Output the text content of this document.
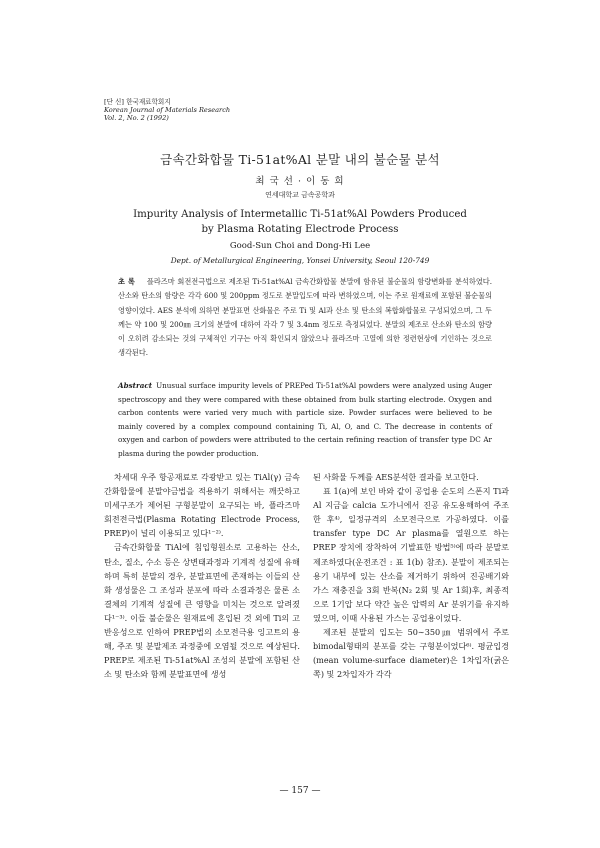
[단 신] 한국재료학회지
Korean Journal of Materials Research
Vol. 2, No. 2 (1992)
금속간화합물 Ti-51at%Al 분말 내의 불순물 분석
최 국 선 · 이 동 희
연세대학교 금속공학과
Impurity Analysis of Intermetallic Ti-51at%Al Powders Produced
by Plasma Rotating Electrode Process
Good-Sun Choi and Dong-Hi Lee
Dept. of Metallurgical Engineering, Yonsei University, Seoul 120-749
초 록 플라즈마 회전전극법으로 제조된 Ti-51at%Al 금속간화합물 분말에 함유된 불순물의 함량변화를 분석하였다. 산소와 탄소의 함량은 각각 600 및 200ppm 정도로 분말입도에 따라 변하였으며, 이는 주로 원재료에 포함된 불순물의 영향이었다. AES 분석에 의하면 분말표면 산화물은 주로 Ti 및 Al과 산소 및 탄소의 복합화합물로 구성되었으며, 그 두께는 약 100 및 200㎚ 크기의 분말에 대하여 각각 7 및 3.4nm 정도로 측정되었다. 분말의 제조로 산소와 탄소의 함량이 오히려 감소되는 것의 구체적인 기구는 아직 확인되지 않았으나 플라즈마 고열에 의한 정련현상에 기인하는 것으로 생각된다.
Abstract Unusual surface impurity levels of PREPed Ti-51at%Al powders were analyzed using Auger spectroscopy and they were compared with these obtained from bulk starting electrode. Oxygen and carbon contents were varied very much with particle size. Powder surfaces were believed to be mainly covered by a complex compound containing Ti, Al, O, and C. The decrease in contents of oxygen and carbon of powders were attributed to the certain refining reaction of transfer type DC Ar plasma during the powder production.

차세대 우주 항공재료로 각광받고 있는 TiAl(γ) 금속간화합물에 분말야금법을 적용하기 위해서는 깨끗하고 미세구조가 제어된 구형분말이 요구되는 바, 플라즈마 회전전극법(Plasma Rotating Electrode Process, PREP)이 널리 이용되고 있다¹⁻²⁾.

금속간화합물 TiAl에 침입형원소로 고용하는 산소, 탄소, 질소, 수소 등은 상변태과정과 기계적 성질에 유해하며 특히 분말의 경우, 분말표면에 존재하는 이들의 산화 생성물은 그 조성과 분포에 따라 소결과정은 물론 소결체의 기계적 성질에 큰 영향을 미치는 것으로 알려졌다¹⁻³⁾. 이들 불순물은 원재료에 혼입된 것 외에 Ti의 고반응성으로 인하여 PREP법의 소모전극용 잉고트의 용해, 주조 및 분말제조 과정중에 오염될 것으로 예상된다. PREP로 제조된 Ti-51at%Al 조성의 분말에 포함된 산소 및 탄소와 함께 분말표면에 생성

된 사화물 두께를 AES분석한 결과를 보고한다.

표 1(a)에 보인 바와 같이 공업용 순도의 스폰지 Ti과 Al 지금을 calcia 도가니에서 진공 유도용해하여 주조한 후⁴⁾, 일정규격의 소모전극으로 가공하였다. 이를 transfer type DC Ar plasma를 열원으로 하는 PREP 장치에 장착하여 기발표한 방법⁵⁾에 따라 분말로 제조하였다(운전조건 : 표 1(b) 참조). 분말이 제조되는 용기 내부에 있는 산소를 제거하기 위하여 진공배기와 가스 재충진을 3회 반복(N₂ 2회 및 Ar 1회)후, 최종적으로 1기압 보다 약간 높은 압력의 Ar 분위기를 유지하였으며, 이때 사용된 가스는 공업용이었다.

제조된 분말의 입도는 50∼350㎛ 범위에서 주로 bimodal형태의 분포를 갖는 구형분이었다⁶⁾. 평균입경(mean volume-surface diameter)은 1차입자(굵은 쪽) 및 2차입자가 각각

— 157 —
